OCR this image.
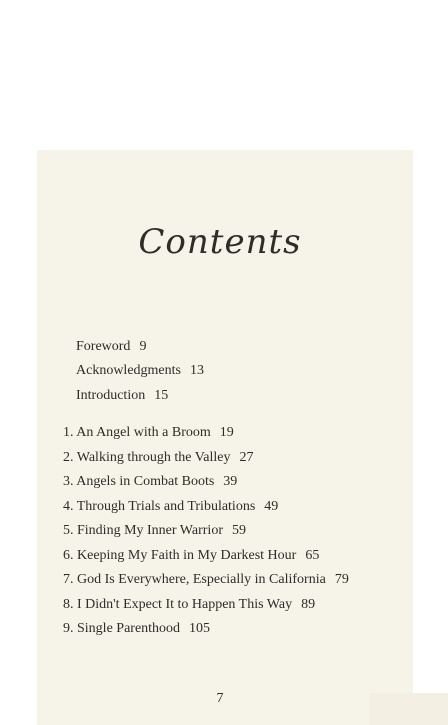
Contents
Foreword 9
Acknowledgments 13
Introduction 15
1. An Angel with a Broom 19
2. Walking through the Valley 27
3. Angels in Combat Boots 39
4. Through Trials and Tribulations 49
5. Finding My Inner Warrior 59
6. Keeping My Faith in My Darkest Hour 65
7. God Is Everywhere, Especially in California 79
8. I Didn't Expect It to Happen This Way 89
9. Single Parenthood 105
7
